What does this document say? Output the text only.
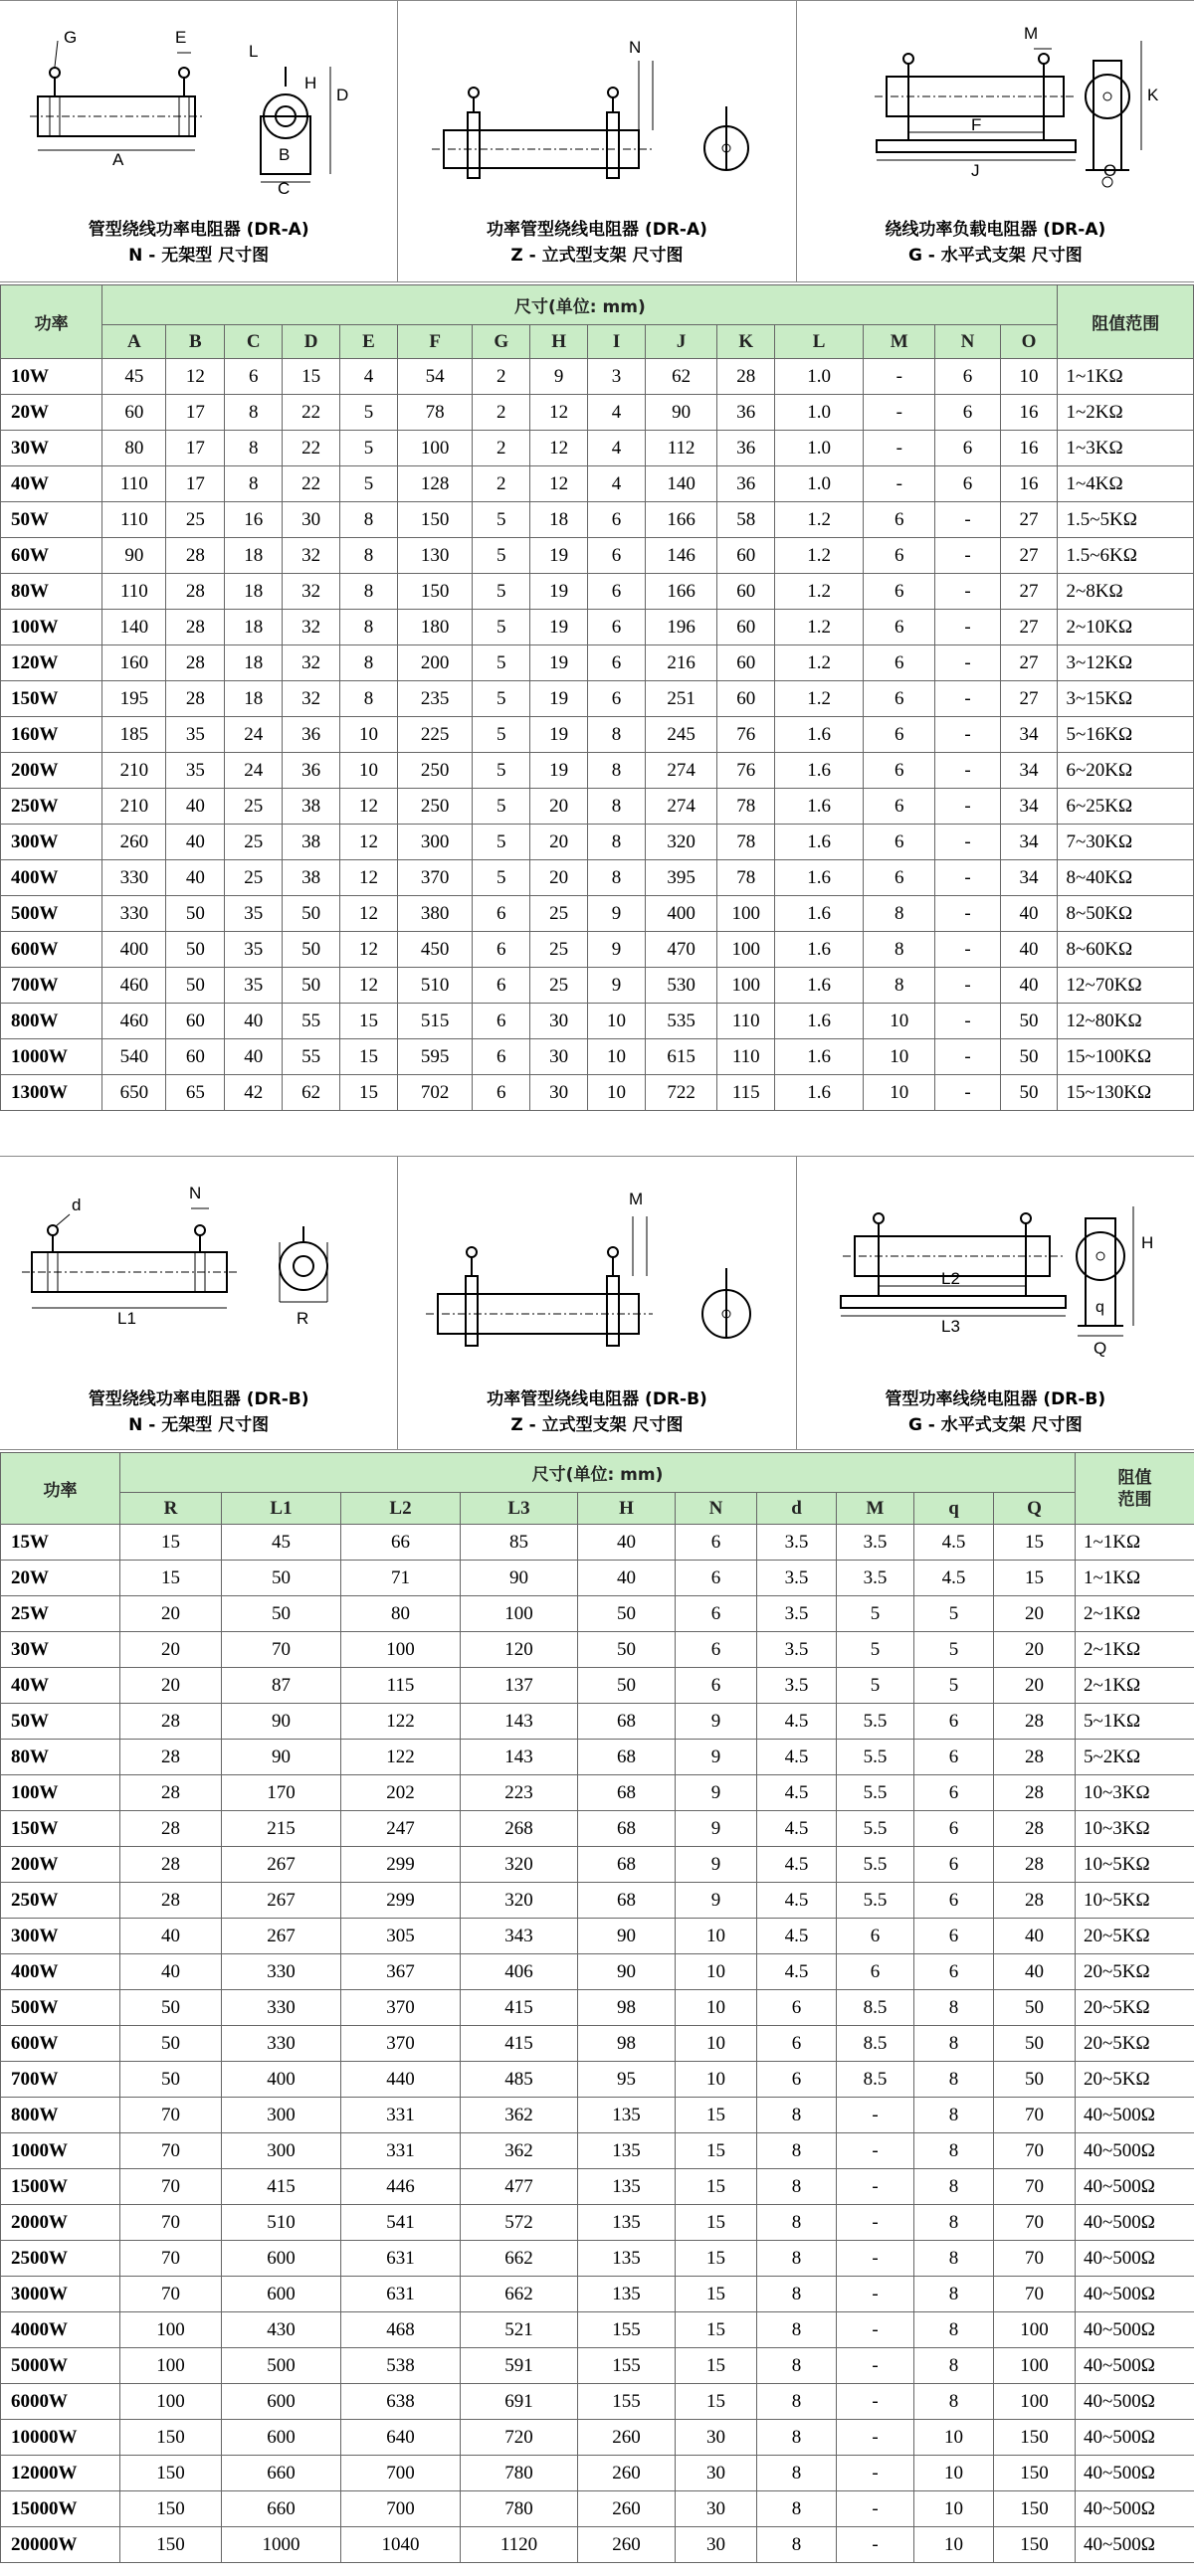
A
G	E
L
H
D
B
C
管型绕线功率电阻器 (DR-A)
N - 无架型 尺寸图
N
功率管型绕线电阻器 (DR-A)
Z - 立式型支架 尺寸图
F
J
M
K
O
绕线功率负载电阻器 (DR-A)
G - 水平式支架 尺寸图
功率	尺寸(单位: mm)															阻值范围
	A	B	C	D	E	F	G	H	I	J	K	L	M	N	O	
10W	45	12	6	15	4	54	2	9	3	62	28	1.0	-	6	10	1~1KΩ
20W	60	17	8	22	5	78	2	12	4	90	36	1.0	-	6	16	1~2KΩ
30W	80	17	8	22	5	100	2	12	4	112	36	1.0	-	6	16	1~3KΩ
40W	110	17	8	22	5	128	2	12	4	140	36	1.0	-	6	16	1~4KΩ
50W	110	25	16	30	8	150	5	18	6	166	58	1.2	6	-	27	1.5~5KΩ
60W	90	28	18	32	8	130	5	19	6	146	60	1.2	6	-	27	1.5~6KΩ
80W	110	28	18	32	8	150	5	19	6	166	60	1.2	6	-	27	2~8KΩ
100W	140	28	18	32	8	180	5	19	6	196	60	1.2	6	-	27	2~10KΩ
120W	160	28	18	32	8	200	5	19	6	216	60	1.2	6	-	27	3~12KΩ
150W	195	28	18	32	8	235	5	19	6	251	60	1.2	6	-	27	3~15KΩ
160W	185	35	24	36	10	225	5	19	8	245	76	1.6	6	-	34	5~16KΩ
200W	210	35	24	36	10	250	5	19	8	274	76	1.6	6	-	34	6~20KΩ
250W	210	40	25	38	12	250	5	20	8	274	78	1.6	6	-	34	6~25KΩ
300W	260	40	25	38	12	300	5	20	8	320	78	1.6	6	-	34	7~30KΩ
400W	330	40	25	38	12	370	5	20	8	395	78	1.6	6	-	34	8~40KΩ
500W	330	50	35	50	12	380	6	25	9	400	100	1.6	8	-	40	8~50KΩ
600W	400	50	35	50	12	450	6	25	9	470	100	1.6	8	-	40	8~60KΩ
700W	460	50	35	50	12	510	6	25	9	530	100	1.6	8	-	40	12~70KΩ
800W	460	60	40	55	15	515	6	30	10	535	110	1.6	10	-	50	12~80KΩ
1000W	540	60	40	55	15	595	6	30	10	615	110	1.6	10	-	50	15~100KΩ
1300W	650	65	42	62	15	702	6	30	10	722	115	1.6	10	-	50	15~130KΩ
d
N
L1	R
管型绕线功率电阻器 (DR-B)
N - 无架型 尺寸图
M
功率管型绕线电阻器 (DR-B)
Z - 立式型支架 尺寸图
L2
L3
H
q
Q
管型功率线绕电阻器 (DR-B)
G - 水平式支架 尺寸图
功率	尺寸(单位: mm)										阻值
范围
	R	L1	L2	L3	H	N	d	M	q	Q	
15W	15	45	66	85	40	6	3.5	3.5	4.5	15	1~1KΩ
20W	15	50	71	90	40	6	3.5	3.5	4.5	15	1~1KΩ
25W	20	50	80	100	50	6	3.5	5	5	20	2~1KΩ
30W	20	70	100	120	50	6	3.5	5	5	20	2~1KΩ
40W	20	87	115	137	50	6	3.5	5	5	20	2~1KΩ
50W	28	90	122	143	68	9	4.5	5.5	6	28	5~1KΩ
80W	28	90	122	143	68	9	4.5	5.5	6	28	5~2KΩ
100W	28	170	202	223	68	9	4.5	5.5	6	28	10~3KΩ
150W	28	215	247	268	68	9	4.5	5.5	6	28	10~3KΩ
200W	28	267	299	320	68	9	4.5	5.5	6	28	10~5KΩ
250W	28	267	299	320	68	9	4.5	5.5	6	28	10~5KΩ
300W	40	267	305	343	90	10	4.5	6	6	40	20~5KΩ
400W	40	330	367	406	90	10	4.5	6	6	40	20~5KΩ
500W	50	330	370	415	98	10	6	8.5	8	50	20~5KΩ
600W	50	330	370	415	98	10	6	8.5	8	50	20~5KΩ
700W	50	400	440	485	95	10	6	8.5	8	50	20~5KΩ
800W	70	300	331	362	135	15	8	-	8	70	40~500Ω
1000W	70	300	331	362	135	15	8	-	8	70	40~500Ω
1500W	70	415	446	477	135	15	8	-	8	70	40~500Ω
2000W	70	510	541	572	135	15	8	-	8	70	40~500Ω
2500W	70	600	631	662	135	15	8	-	8	70	40~500Ω
3000W	70	600	631	662	135	15	8	-	8	70	40~500Ω
4000W	100	430	468	521	155	15	8	-	8	100	40~500Ω
5000W	100	500	538	591	155	15	8	-	8	100	40~500Ω
6000W	100	600	638	691	155	15	8	-	8	100	40~500Ω
10000W	150	600	640	720	260	30	8	-	10	150	40~500Ω
12000W	150	660	700	780	260	30	8	-	10	150	40~500Ω
15000W	150	660	700	780	260	30	8	-	10	150	40~500Ω
20000W	150	1000	1040	1120	260	30	8	-	10	150	40~500Ω
